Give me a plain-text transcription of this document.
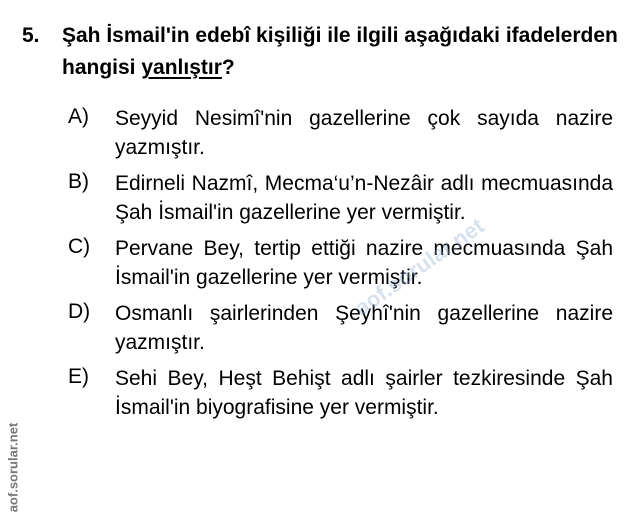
5. Şah İsmail'in edebî kişiliği ile ilgili aşağıdaki ifadelerden hangisi yanlıştır?
A) Seyyid Nesimî'nin gazellerine çok sayıda nazire yazmıştır.
B) Edirneli Nazmî, Mecma‘u’n-Nezâir adlı mecmuasında Şah İsmail'in gazellerine yer vermiştir.
C) Pervane Bey, tertip ettiği nazire mecmuasında Şah İsmail'in gazellerine yer vermiştir.
D) Osmanlı şairlerinden Şeyhî'nin gazellerine nazire yazmıştır.
E) Sehi Bey, Heşt Behişt adlı şairler tezkiresinde Şah İsmail'in biyografisine yer vermiştir.
aof.sorular.net
aof.sorular.net
